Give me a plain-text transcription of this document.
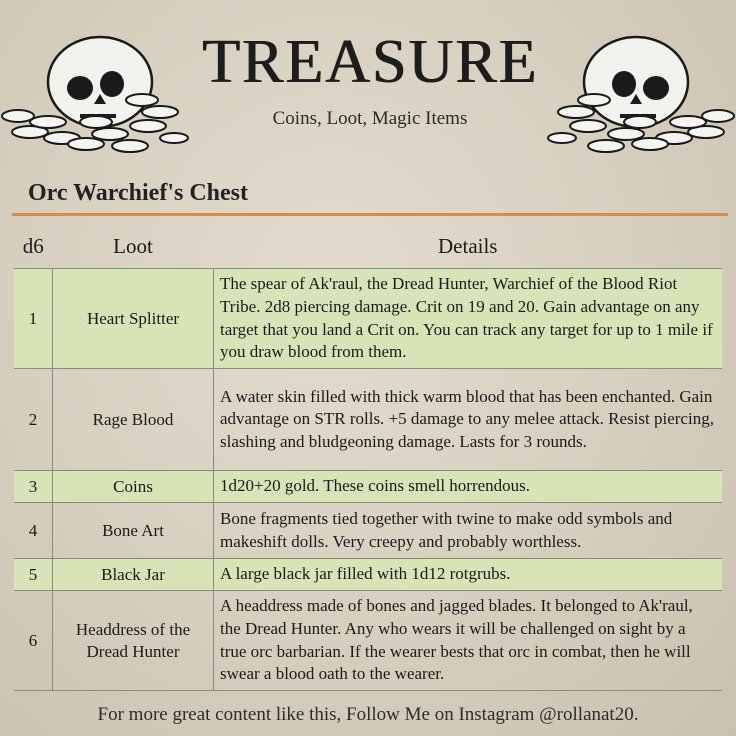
TREASURE
Coins, Loot, Magic Items
Orc Warchief's Chest
d6	Loot	Details
1	Heart Splitter	The spear of Ak'raul, the Dread Hunter, Warchief of the Blood Riot Tribe. 2d8 piercing damage. Crit on 19 and 20. Gain advantage on any target that you land a Crit on. You can track any target for up to 1 mile if you draw blood from them.
2	Rage Blood	A water skin filled with thick warm blood that has been enchanted. Gain advantage on STR rolls. +5 damage to any melee attack. Resist piercing, slashing and bludgeoning damage. Lasts for 3 rounds.
3	Coins	1d20+20 gold. These coins smell horrendous.
4	Bone Art	Bone fragments tied together with twine to make odd symbols and makeshift dolls. Very creepy and probably worthless.
5	Black Jar	A large black jar filled with 1d12 rotgrubs.
6	Headdress of the Dread Hunter	A headdress made of bones and jagged blades. It belonged to Ak'raul, the Dread Hunter. Any who wears it will be challenged on sight by a true orc barbarian. If the wearer bests that orc in combat, then he will swear a blood oath to the wearer.
For more great content like this, Follow Me on Instagram @rollanat20.
